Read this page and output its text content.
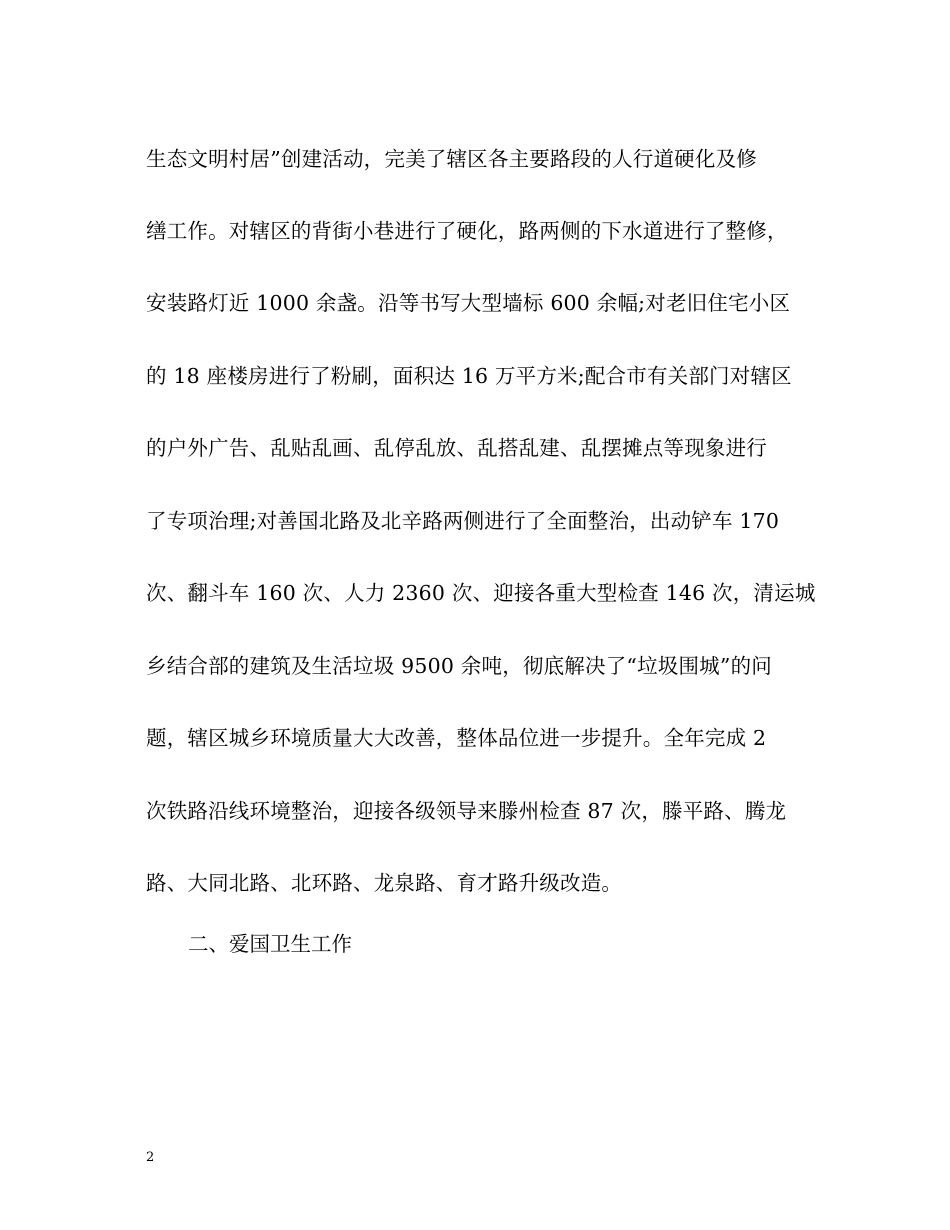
生态文明村居”创建活动，完美了辖区各主要路段的人行道硬化及修
缮工作。对辖区的背街小巷进行了硬化，路两侧的下水道进行了整修，
安装路灯近 1000 余盏。沿等书写大型墙标 600 余幅;对老旧住宅小区
的 18 座楼房进行了粉刷，面积达 16 万平方米;配合市有关部门对辖区
的户外广告、乱贴乱画、乱停乱放、乱搭乱建、乱摆摊点等现象进行
了专项治理;对善国北路及北辛路两侧进行了全面整治，出动铲车 170
次、翻斗车 160 次、人力 2360 次、迎接各重大型检查 146 次，清运城
乡结合部的建筑及生活垃圾 9500 余吨，彻底解决了“垃圾围城”的问
题，辖区城乡环境质量大大改善，整体品位进一步提升。全年完成 2
次铁路沿线环境整治，迎接各级领导来滕州检查 87 次，滕平路、腾龙
路、大同北路、北环路、龙泉路、育才路升级改造。
二、爱国卫生工作
2
